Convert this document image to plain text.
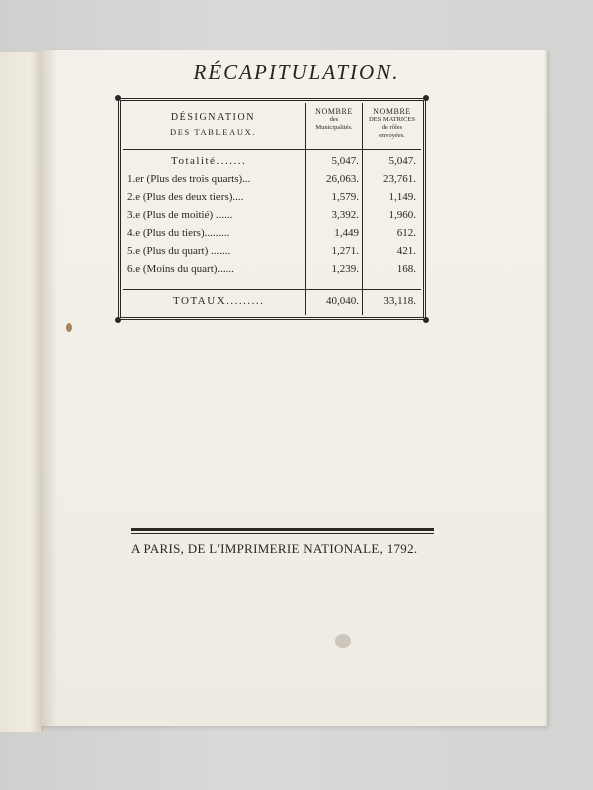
RÉCAPITULATION.
DÉSIGNATION
DES TABLEAUX.
NOMBRE
des
Municipalités.
NOMBRE
DES MATRICES
de rôles
envoyées.
Totalité.......	5,047.	5,047.
1.er (Plus des trois quarts)...	26,063.	23,761.
2.e (Plus des deux tiers)....	1,579.	1,149.
3.e (Plus de moitié) ......	3,392.	1,960.
4.e (Plus du tiers).........	1,449	612.
5.e (Plus du quart) .......	1,271.	421.
6.e (Moins du quart)......	1,239.	168.
TOTAUX.........	40,040.	33,118.
A PARIS, DE L'IMPRIMERIE NATIONALE, 1792.
